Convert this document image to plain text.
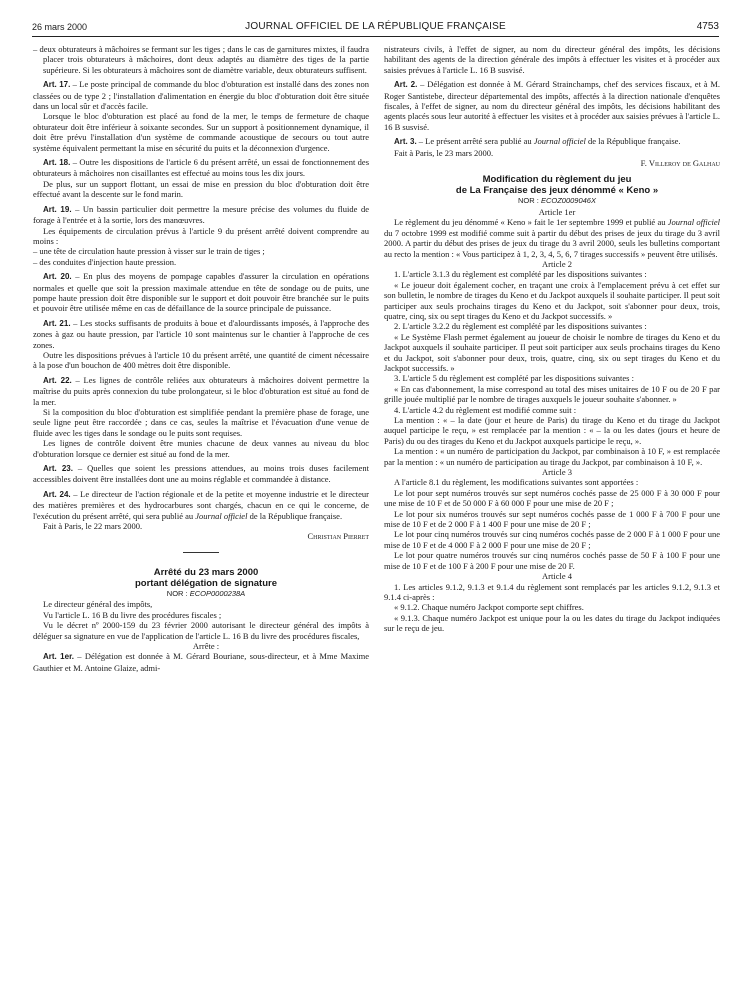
26 mars 2000	JOURNAL OFFICIEL DE LA RÉPUBLIQUE FRANÇAISE	4753

– deux obturateurs à mâchoires se fermant sur les tiges ; dans le cas de garnitures mixtes, il faudra placer trois obturateurs à mâchoires, dont deux adaptés au diamètre des tiges de la partie supérieure. Si les obturateurs à mâchoires sont de diamètre variable, deux obturateurs suffisent.

Art. 17. – Le poste principal de commande du bloc d'obturation est installé dans des zones non classées ou de type 2 ; l'installation d'alimentation en énergie du bloc d'obturation doit être située dans un local sûr et d'accès facile.

Lorsque le bloc d'obturation est placé au fond de la mer, le temps de fermeture de chaque obturateur doit être inférieur à soixante secondes. Sur un support à positionnement dynamique, il doit être prévu l'installation d'un système de commande acoustique de secours ou tout autre système équivalent permettant la mise en sécurité du puits et la déconnexion d'urgence.

Art. 18. – Outre les dispositions de l'article 6 du présent arrêté, un essai de fonctionnement des obturateurs à mâchoires non cisaillantes est effectué au moins tous les dix jours.

De plus, sur un support flottant, un essai de mise en pression du bloc d'obturation doit être effectué avant la descente sur le fond marin.

Art. 19. – Un bassin particulier doit permettre la mesure précise des volumes du fluide de forage à l'entrée et à la sortie, lors des manœuvres.

Les équipements de circulation prévus à l'article 9 du présent arrêté doivent comprendre au moins :

– une tête de circulation haute pression à visser sur le train de tiges ;

– des conduites d'injection haute pression.

Art. 20. – En plus des moyens de pompage capables d'assurer la circulation en opérations normales et quelle que soit la pression maximale attendue en tête de sondage ou de puits, une pompe haute pression doit être disponible sur le support et doit pouvoir être branchée sur le puits et pouvoir être utilisée même en cas de défaillance de la source principale de puissance.

Art. 21. – Les stocks suffisants de produits à boue et d'alourdissants imposés, à l'approche des zones à gaz ou haute pression, par l'article 10 sont maintenus sur le chantier à l'approche de ces zones.

Outre les dispositions prévues à l'article 10 du présent arrêté, une quantité de ciment nécessaire à la pose d'un bouchon de 400 mètres doit être disponible.

Art. 22. – Les lignes de contrôle reliées aux obturateurs à mâchoires doivent permettre la maîtrise du puits après connexion du tube prolongateur, si le bloc d'obturation est situé au fond de la mer.

Si la composition du bloc d'obturation est simplifiée pendant la première phase de forage, une seule ligne peut être raccordée ; dans ce cas, seules la maîtrise et l'évacuation d'une venue de fluide avec les tiges dans le sondage ou le puits sont requises.

Les lignes de contrôle doivent être munies chacune de deux vannes au niveau du bloc d'obturation lorsque ce dernier est situé au fond de la mer.

Art. 23. – Quelles que soient les pressions attendues, au moins trois duses facilement accessibles doivent être installées dont une au moins réglable et commandée à distance.

Art. 24. – Le directeur de l'action régionale et de la petite et moyenne industrie et le directeur des matières premières et des hydrocarbures sont chargés, chacun en ce qui le concerne, de l'exécution du présent arrêté, qui sera publié au Journal officiel de la République française.

Fait à Paris, le 22 mars 2000.

Christian Pierret

Arrêté du 23 mars 2000

portant délégation de signature

NOR : ECOP0000238A

Le directeur général des impôts,

Vu l'article L. 16 B du livre des procédures fiscales ;

Vu le décret nº 2000-159 du 23 février 2000 autorisant le directeur général des impôts à déléguer sa signature en vue de l'application de l'article L. 16 B du livre des procédures fiscales,

Arrête :

Art. 1er. – Délégation est donnée à M. Gérard Bouriane, sous-directeur, et à Mme Maxime Gauthier et M. Antoine Glaize, admi-

nistrateurs civils, à l'effet de signer, au nom du directeur général des impôts, les décisions habilitant des agents de la direction générale des impôts à effectuer les visites et à procéder aux saisies prévues à l'article L. 16 B susvisé.

Art. 2. – Délégation est donnée à M. Gérard Strainchamps, chef des services fiscaux, et à M. Roger Santistebe, directeur départemental des impôts, affectés à la direction nationale d'enquêtes fiscales, à l'effet de signer, au nom du directeur général des impôts, les décisions habilitant des agents placés sous leur autorité à effectuer les visites et à procéder aux saisies prévues à l'article L. 16 B susvisé.

Art. 3. – Le présent arrêté sera publié au Journal officiel de la République française.

Fait à Paris, le 23 mars 2000.

F. Villeroy de Galhau

Modification du règlement du jeu

de La Française des jeux dénommé « Keno »

NOR : ECOZ0009046X

Article 1er

Le règlement du jeu dénommé « Keno » fait le 1er septembre 1999 et publié au Journal officiel du 7 octobre 1999 est modifié comme suit à partir du début des prises de jeux du tirage du 3 avril 2000. A partir du début des prises de jeux du tirage du 3 avril 2000, seuls les bulletins comportant au recto la mention : « Vous participez à 1, 2, 3, 4, 5, 6, 7 tirages successifs » peuvent être utilisés.

Article 2

1. L'article 3.1.3 du règlement est complété par les dispositions suivantes :

« Le joueur doit également cocher, en traçant une croix à l'emplacement prévu à cet effet sur son bulletin, le nombre de tirages du Keno et du Jackpot auxquels il souhaite participer. Il peut soit participer aux seuls prochains tirages du Keno et du Jackpot, soit s'abonner pour deux, trois, quatre, cinq, six ou sept tirages du Keno et du Jackpot successifs. »

2. L'article 3.2.2 du règlement est complété par les dispositions suivantes :

« Le Système Flash permet également au joueur de choisir le nombre de tirages du Keno et du Jackpot auxquels il souhaite participer. Il peut soit participer aux seuls prochains tirages du Keno et du Jackpot, soit s'abonner pour deux, trois, quatre, cinq, six ou sept tirages du Keno et du Jackpot successifs. »

3. L'article 5 du règlement est complété par les dispositions suivantes :

« En cas d'abonnement, la mise correspond au total des mises unitaires de 10 F ou de 20 F par grille jouée multiplié par le nombre de tirages auxquels le joueur souhaite s'abonner. »

4. L'article 4.2 du règlement est modifié comme suit :

La mention : « – la date (jour et heure de Paris) du tirage du Keno et du tirage du Jackpot auquel participe le reçu, » est remplacée par la mention : « – la ou les dates (jours et heure de Paris) du ou des tirages du Keno et du Jackpot auxquels participe le reçu, ».

La mention : « un numéro de participation du Jackpot, par combinaison à 10 F, » est remplacée par la mention : « un numéro de participation au tirage du Jackpot, par combinaison à 10 F, ».

Article 3

A l'article 8.1 du règlement, les modifications suivantes sont apportées :

Le lot pour sept numéros trouvés sur sept numéros cochés passe de 25 000 F à 30 000 F pour une mise de 10 F et de 50 000 F à 60 000 F pour une mise de 20 F ;

Le lot pour six numéros trouvés sur sept numéros cochés passe de 1 000 F à 700 F pour une mise de 10 F et de 2 000 F à 1 400 F pour une mise de 20 F ;

Le lot pour cinq numéros trouvés sur cinq numéros cochés passe de 2 000 F à 1 000 F pour une mise de 10 F et de 4 000 F à 2 000 F pour une mise de 20 F ;

Le lot pour quatre numéros trouvés sur cinq numéros cochés passe de 50 F à 100 F pour une mise de 10 F et de 100 F à 200 F pour une mise de 20 F.

Article 4

1. Les articles 9.1.2, 9.1.3 et 9.1.4 du règlement sont remplacés par les articles 9.1.2, 9.1.3 et 9.1.4 ci-après :

« 9.1.2. Chaque numéro Jackpot comporte sept chiffres.

« 9.1.3. Chaque numéro Jackpot est unique pour la ou les dates du tirage du Jackpot indiquées sur le reçu de jeu.
